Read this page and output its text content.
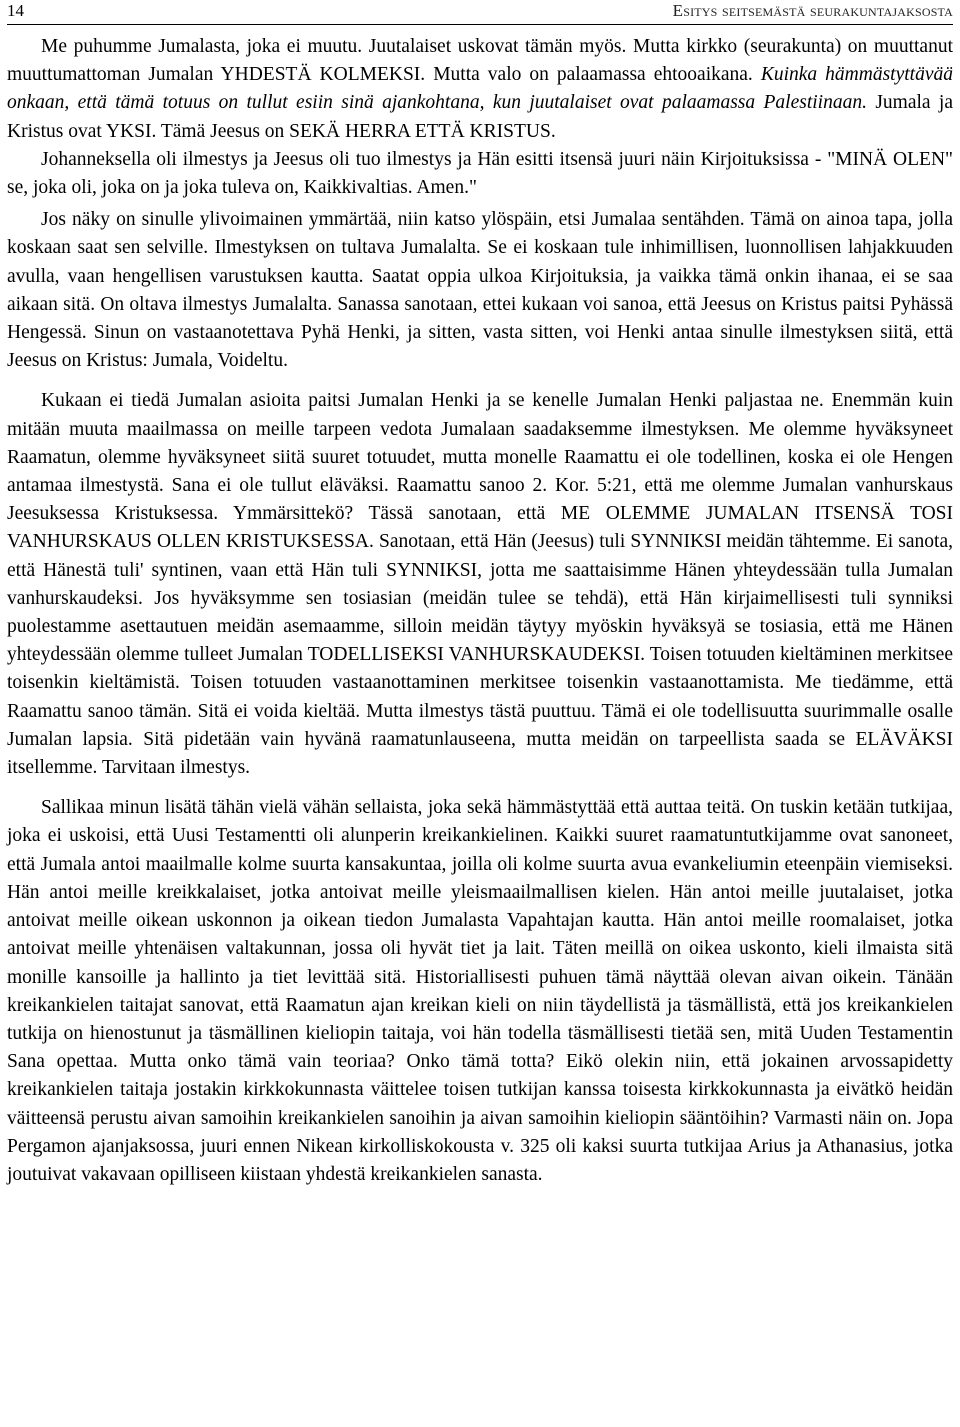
14	Esitys seitsemästä seurakuntajaksosta

Me puhumme Jumalasta, joka ei muutu. Juutalaiset uskovat tämän myös. Mutta kirkko (seurakunta) on muuttanut muuttumattoman Jumalan YHDESTÄ KOLMEKSI. Mutta valo on palaamassa ehtooaikana. Kuinka hämmästyttävää onkaan, että tämä totuus on tullut esiin sinä ajankohtana, kun juutalaiset ovat palaamassa Palestiinaan. Jumala ja Kristus ovat YKSI. Tämä Jeesus on SEKÄ HERRA ETTÄ KRISTUS.

Johanneksella oli ilmestys ja Jeesus oli tuo ilmestys ja Hän esitti itsensä juuri näin Kirjoituksissa - "MINÄ OLEN" se, joka oli, joka on ja joka tuleva on, Kaikkivaltias. Amen."

Jos näky on sinulle ylivoimainen ymmärtää, niin katso ylöspäin, etsi Jumalaa sentähden. Tämä on ainoa tapa, jolla koskaan saat sen selville. Ilmestyksen on tultava Jumalalta. Se ei koskaan tule inhimillisen, luonnollisen lahjakkuuden avulla, vaan hengellisen varustuksen kautta. Saatat oppia ulkoa Kirjoituksia, ja vaikka tämä onkin ihanaa, ei se saa aikaan sitä. On oltava ilmestys Jumalalta. Sanassa sanotaan, ettei kukaan voi sanoa, että Jeesus on Kristus paitsi Pyhässä Hengessä. Sinun on vastaanotettava Pyhä Henki, ja sitten, vasta sitten, voi Henki antaa sinulle ilmestyksen siitä, että Jeesus on Kristus: Jumala, Voideltu.

Kukaan ei tiedä Jumalan asioita paitsi Jumalan Henki ja se kenelle Jumalan Henki paljastaa ne. Enemmän kuin mitään muuta maailmassa on meille tarpeen vedota Jumalaan saadaksemme ilmestyksen. Me olemme hyväksyneet Raamatun, olemme hyväksyneet siitä suuret totuudet, mutta monelle Raamattu ei ole todellinen, koska ei ole Hengen antamaa ilmestystä. Sana ei ole tullut eläväksi. Raamattu sanoo 2. Kor. 5:21, että me olemme Jumalan vanhurskaus Jeesuksessa Kristuksessa. Ymmärsittekö? Tässä sanotaan, että ME OLEMME JUMALAN ITSENSÄ TOSI VANHURSKAUS OLLEN KRISTUKSESSA. Sanotaan, että Hän (Jeesus) tuli SYNNIKSI meidän tähtemme. Ei sanota, että Hänestä tuli' syntinen, vaan että Hän tuli SYNNIKSI, jotta me saattaisimme Hänen yhteydessään tulla Jumalan vanhurskaudeksi. Jos hyväksymme sen tosiasian (meidän tulee se tehdä), että Hän kirjaimellisesti tuli synniksi puolestamme asettautuen meidän asemaamme, silloin meidän täytyy myöskin hyväksyä se tosiasia, että me Hänen yhteydessään olemme tulleet Jumalan TODELLISEKSI VANHURSKAUDEKSI. Toisen totuuden kieltäminen merkitsee toisenkin kieltämistä. Toisen totuuden vastaanottaminen merkitsee toisenkin vastaanottamista. Me tiedämme, että Raamattu sanoo tämän. Sitä ei voida kieltää. Mutta ilmestys tästä puuttuu. Tämä ei ole todellisuutta suurimmalle osalle Jumalan lapsia. Sitä pidetään vain hyvänä raamatunlauseena, mutta meidän on tarpeellista saada se ELÄVÄKSI itsellemme. Tarvitaan ilmestys.

Sallikaa minun lisätä tähän vielä vähän sellaista, joka sekä hämmästyttää että auttaa teitä. On tuskin ketään tutkijaa, joka ei uskoisi, että Uusi Testamentti oli alunperin kreikankielinen. Kaikki suuret raamatuntutkijamme ovat sanoneet, että Jumala antoi maailmalle kolme suurta kansakuntaa, joilla oli kolme suurta avua evankeliumin eteenpäin viemiseksi. Hän antoi meille kreikkalaiset, jotka antoivat meille yleismaailmallisen kielen. Hän antoi meille juutalaiset, jotka antoivat meille oikean uskonnon ja oikean tiedon Jumalasta Vapahtajan kautta. Hän antoi meille roomalaiset, jotka antoivat meille yhtenäisen valtakunnan, jossa oli hyvät tiet ja lait. Täten meillä on oikea uskonto, kieli ilmaista sitä monille kansoille ja hallinto ja tiet levittää sitä. Historiallisesti puhuen tämä näyttää olevan aivan oikein. Tänään kreikankielen taitajat sanovat, että Raamatun ajan kreikan kieli on niin täydellistä ja täsmällistä, että jos kreikankielen tutkija on hienostunut ja täsmällinen kieliopin taitaja, voi hän todella täsmällisesti tietää sen, mitä Uuden Testamentin Sana opettaa. Mutta onko tämä vain teoriaa? Onko tämä totta? Eikö olekin niin, että jokainen arvossapidetty kreikankielen taitaja jostakin kirkkokunnasta väittelee toisen tutkijan kanssa toisesta kirkkokunnasta ja eivätkö heidän väitteensä perustu aivan samoihin kreikankielen sanoihin ja aivan samoihin kieliopin sääntöihin? Varmasti näin on. Jopa Pergamon ajanjaksossa, juuri ennen Nikean kirkolliskokousta v. 325 oli kaksi suurta tutkijaa Arius ja Athanasius, jotka joutuivat vakavaan opilliseen kiistaan yhdestä kreikankielen sanasta.
